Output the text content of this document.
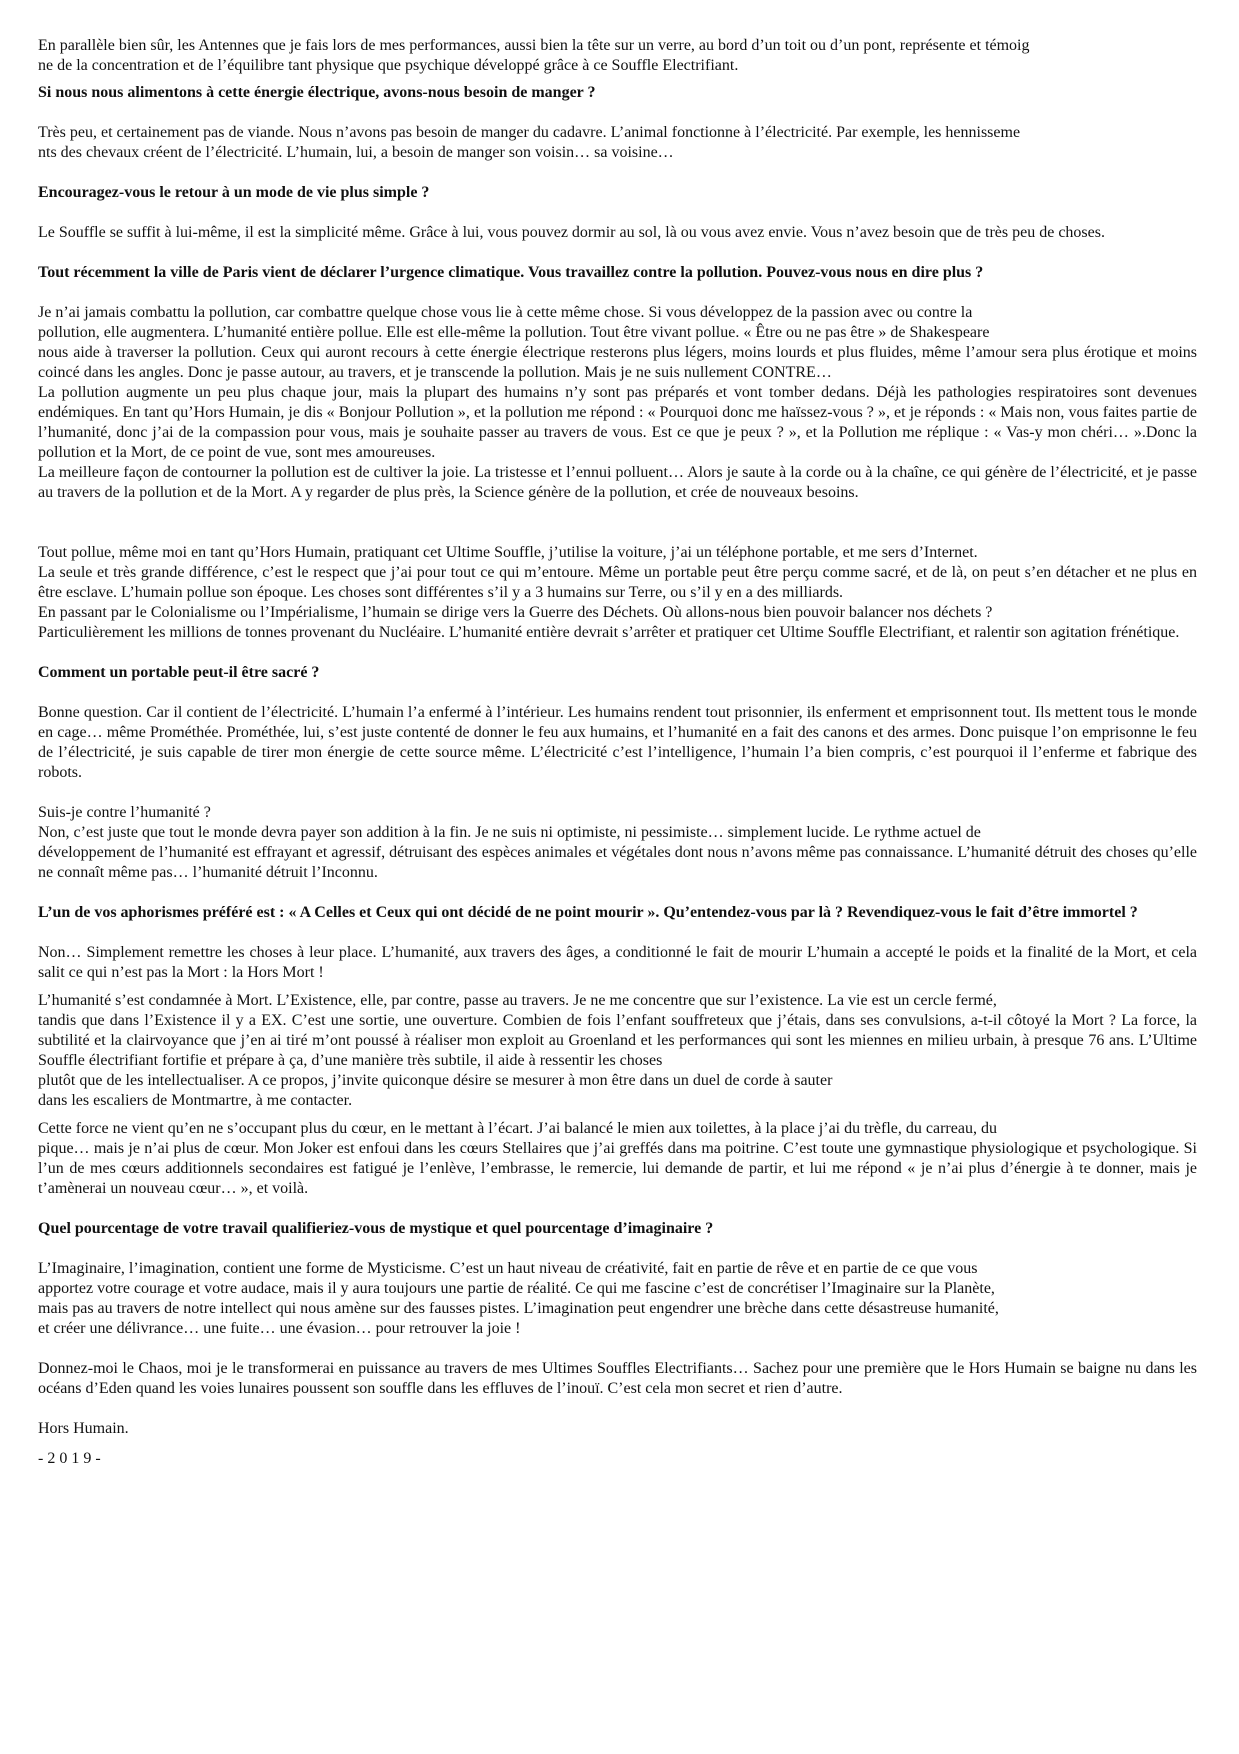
En parallèle bien sûr, les Antennes que je fais lors de mes performances, aussi bien la tête sur un verre, au bord d’un toit ou d’un pont, représente et témoig
ne de la concentration et de l’équilibre tant physique que psychique développé grâce à ce Souffle Electrifiant.

Si nous nous alimentons à cette énergie électrique, avons-nous besoin de manger ?

Très peu, et certainement pas de viande. Nous n’avons pas besoin de manger du cadavre. L’animal fonctionne à l’électricité. Par exemple, les hennisseme
nts des chevaux créent de l’électricité. L’humain, lui, a besoin de manger son voisin… sa voisine…

Encouragez-vous le retour à un mode de vie plus simple ?

Le Souffle se suffit à lui-même, il est la simplicité même. Grâce à lui, vous pouvez dormir au sol, là ou vous avez envie. Vous n’avez besoin que de très peu de choses.

Tout récemment la ville de Paris vient de déclarer l’urgence climatique. Vous travaillez contre la pollution. Pouvez-vous nous en dire plus ?

Je n’ai jamais combattu la pollution, car combattre quelque chose vous lie à cette même chose. Si vous développez de la passion avec ou contre la
pollution, elle augmentera. L’humanité entière pollue. Elle est elle-même la pollution. Tout être vivant pollue. « Être ou ne pas être » de Shakespeare
nous aide à traverser la pollution. Ceux qui auront recours à cette énergie électrique resterons plus légers, moins lourds et plus fluides, même l’amour sera plus érotique et moins coincé dans les angles. Donc je passe autour, au travers, et je transcende la pollution. Mais je ne suis nullement CONTRE…
La pollution augmente un peu plus chaque jour, mais la plupart des humains n’y sont pas préparés et vont tomber dedans. Déjà les pathologies respiratoires sont devenues endémiques. En tant qu’Hors Humain, je dis « Bonjour Pollution », et la pollution me répond : « Pourquoi donc me haïssez-vous ? », et je réponds : « Mais non, vous faites partie de l’humanité, donc j’ai de la compassion pour vous, mais je souhaite passer au travers de vous. Est ce que je peux ? », et la Pollution me réplique : « Vas-y mon chéri… ».Donc la pollution et la Mort, de ce point de vue, sont mes amoureuses.
La meilleure façon de contourner la pollution est de cultiver la joie. La tristesse et l’ennui polluent… Alors je saute à la corde ou à la chaîne, ce qui génère de l’électricité, et je passe au travers de la pollution et de la Mort. A y regarder de plus près, la Science génère de la pollution, et crée de nouveaux besoins.

Tout pollue, même moi en tant qu’Hors Humain, pratiquant cet Ultime Souffle, j’utilise la voiture, j’ai un téléphone portable, et me sers d’Internet.
La seule et très grande différence, c’est le respect que j’ai pour tout ce qui m’entoure. Même un portable peut être perçu comme sacré, et de là, on peut s’en détacher et ne plus en être esclave. L’humain pollue son époque. Les choses sont différentes s’il y a 3 humains sur Terre, ou s’il y en a des milliards.
En passant par le Colonialisme ou l’Impérialisme, l’humain se dirige vers la Guerre des Déchets. Où allons-nous bien pouvoir balancer nos déchets ?
Particulièrement les millions de tonnes provenant du Nucléaire. L’humanité entière devrait s’arrêter et pratiquer cet Ultime Souffle Electrifiant, et ralentir son agitation frénétique.

Comment un portable peut-il être sacré ?

Bonne question. Car il contient de l’électricité. L’humain l’a enfermé à l’intérieur. Les humains rendent tout prisonnier, ils enferment et emprisonnent tout. Ils mettent tous le monde en cage… même Prométhée. Prométhée, lui, s’est juste contenté de donner le feu aux humains, et l’humanité en a fait des canons et des armes. Donc puisque l’on emprisonne le feu de l’électricité, je suis capable de tirer mon énergie de cette source même. L’électricité c’est l’intelligence, l’humain l’a bien compris, c’est pourquoi il l’enferme et fabrique des robots.

Suis-je contre l’humanité ?
Non, c’est juste que tout le monde devra payer son addition à la fin. Je ne suis ni optimiste, ni pessimiste… simplement lucide. Le rythme actuel de
développement de l’humanité est effrayant et agressif, détruisant des espèces animales et végétales dont nous n’avons même pas connaissance. L’humanité détruit des choses qu’elle ne connaît même pas… l’humanité détruit l’Inconnu.

L’un de vos aphorismes préféré est : « A Celles et Ceux qui ont décidé de ne point mourir ». Qu’entendez-vous par là ? Revendiquez-vous le fait d’être immortel ?

Non… Simplement remettre les choses à leur place. L’humanité, aux travers des âges, a conditionné le fait de mourir L’humain a accepté le poids et la finalité de la Mort, et cela salit ce qui n’est pas la Mort : la Hors Mort !

L’humanité s’est condamnée à Mort. L’Existence, elle, par contre, passe au travers. Je ne me concentre que sur l’existence. La vie est un cercle fermé,
tandis que dans l’Existence il y a EX. C’est une sortie, une ouverture. Combien de fois l’enfant souffreteux que j’étais, dans ses convulsions, a-t-il côtoyé la Mort ? La force, la subtilité et la clairvoyance que j’en ai tiré m’ont poussé à réaliser mon exploit au Groenland et les performances qui sont les miennes en milieu urbain, à presque 76 ans. L’Ultime Souffle électrifiant fortifie et prépare à ça, d’une manière très subtile, il aide à ressentir les choses
plutôt que de les intellectualiser. A ce propos, j’invite quiconque désire se mesurer à mon être dans un duel de corde à sauter
dans les escaliers de Montmartre, à me contacter.

Cette force ne vient qu’en ne s’occupant plus du cœur, en le mettant à l’écart. J’ai balancé le mien aux toilettes, à la place j’ai du trèfle, du carreau, du
pique… mais je n’ai plus de cœur. Mon Joker est enfoui dans les cœurs Stellaires que j’ai greffés dans ma poitrine. C’est toute une gymnastique physiologique et psychologique. Si l’un de mes cœurs additionnels secondaires est fatigué je l’enlève, l’embrasse, le remercie, lui demande de partir, et lui me répond « je n’ai plus d’énergie à te donner, mais je t’amènerai un nouveau cœur… », et voilà.

Quel pourcentage de votre travail qualifieriez-vous de mystique et quel pourcentage d’imaginaire ?

L’Imaginaire, l’imagination, contient une forme de Mysticisme. C’est un haut niveau de créativité, fait en partie de rêve et en partie de ce que vous
apportez votre courage et votre audace, mais il y aura toujours une partie de réalité. Ce qui me fascine c’est de concrétiser l’Imaginaire sur la Planète,
mais pas au travers de notre intellect qui nous amène sur des fausses pistes. L’imagination peut engendrer une brèche dans cette désastreuse humanité,
et créer une délivrance… une fuite… une évasion… pour retrouver la joie !

Donnez-moi le Chaos, moi je le transformerai en puissance au travers de mes Ultimes Souffles Electrifiants… Sachez pour une première que le Hors Humain se baigne nu dans les océans d’Eden quand les voies lunaires poussent son souffle dans les effluves de l’inouï. C’est cela mon secret et rien d’autre.

Hors Humain.

- 2 0 1 9 -
